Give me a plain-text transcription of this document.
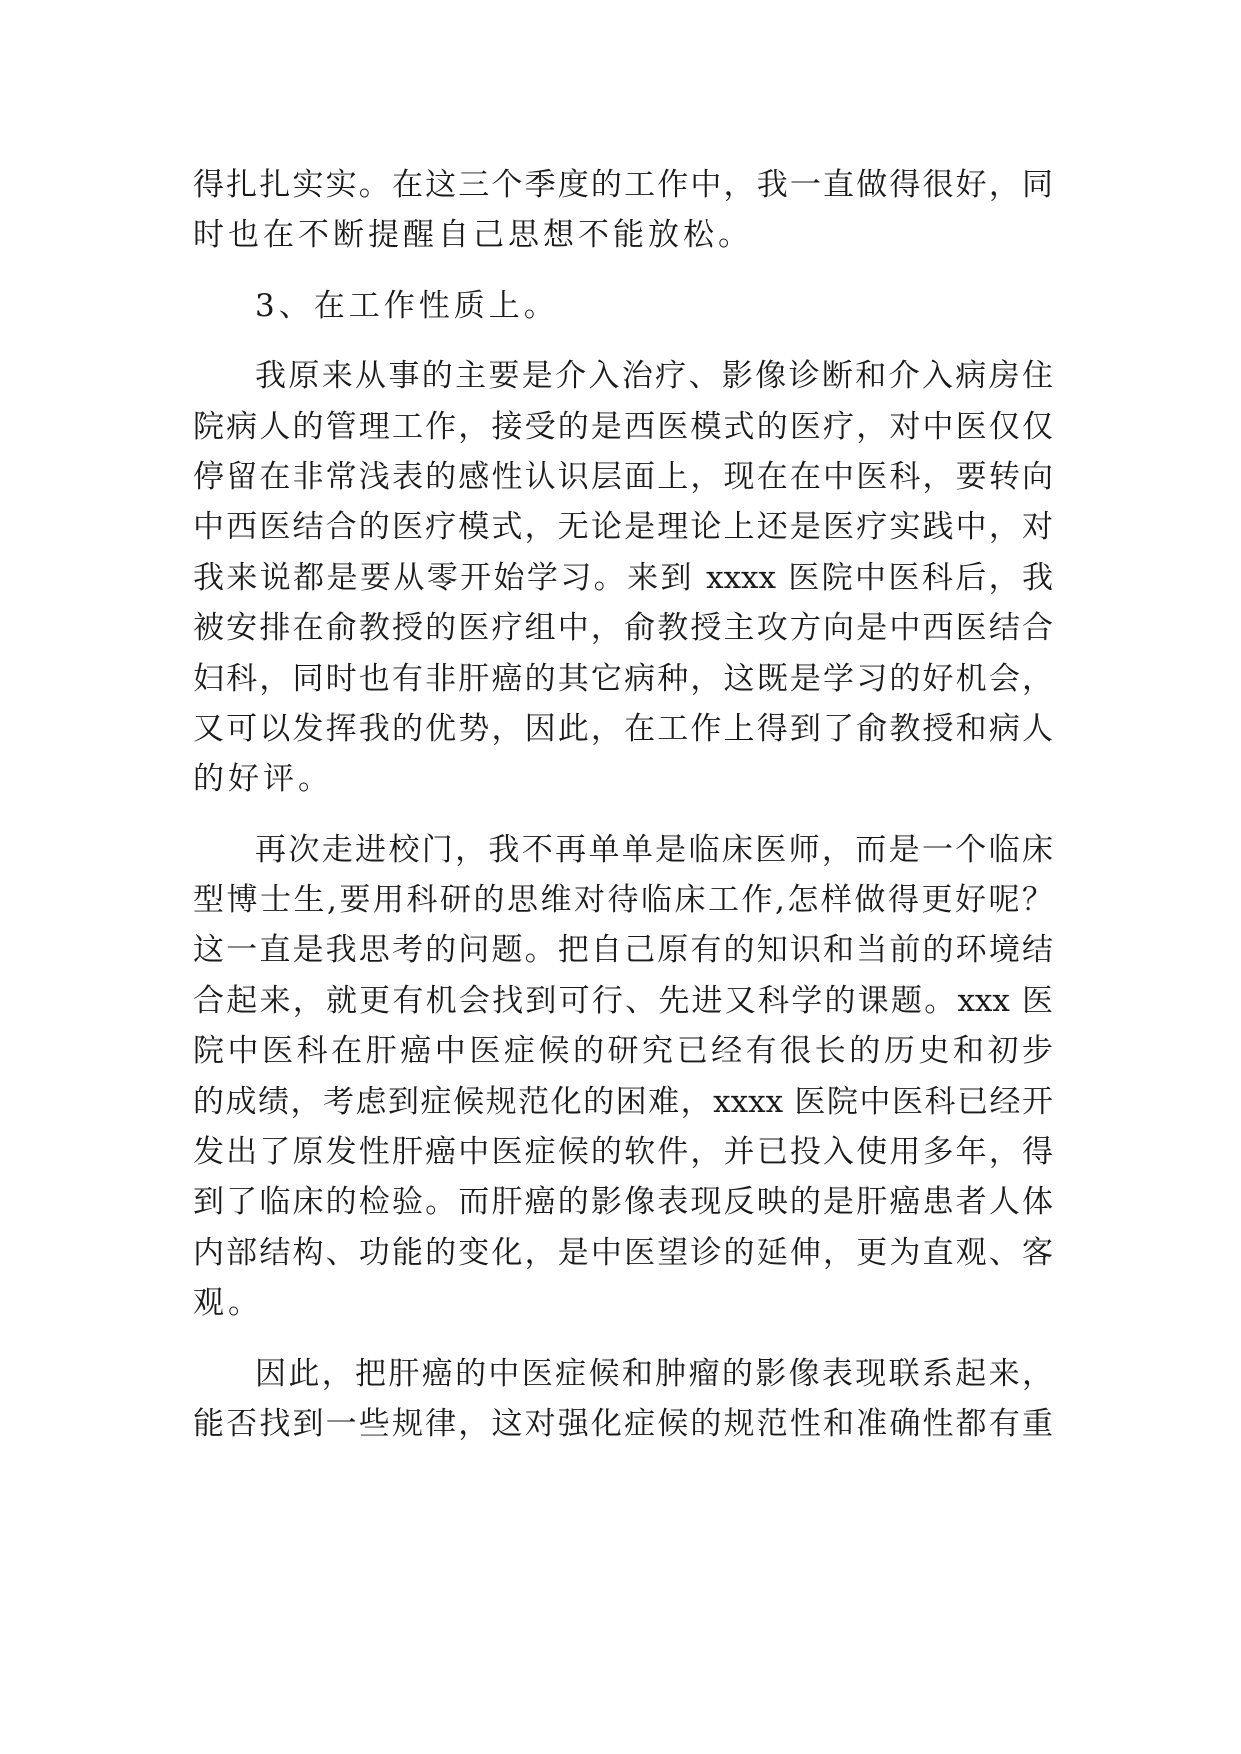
得扎扎实实。在这三个季度的工作中，我一直做得很好，同
时也在不断提醒自己思想不能放松。
3、在工作性质上。
我原来从事的主要是介入治疗、影像诊断和介入病房住
院病人的管理工作，接受的是西医模式的医疗，对中医仅仅
停留在非常浅表的感性认识层面上，现在在中医科，要转向
中西医结合的医疗模式，无论是理论上还是医疗实践中，对
我来说都是要从零开始学习。来到 xxxx 医院中医科后，我
被安排在俞教授的医疗组中，俞教授主攻方向是中西医结合
妇科，同时也有非肝癌的其它病种，这既是学习的好机会，
又可以发挥我的优势，因此，在工作上得到了俞教授和病人
的好评。
再次走进校门，我不再单单是临床医师，而是一个临床
型博士生,要用科研的思维对待临床工作,怎样做得更好呢？
这一直是我思考的问题。把自己原有的知识和当前的环境结
合起来，就更有机会找到可行、先进又科学的课题。xxx 医
院中医科在肝癌中医症候的研究已经有很长的历史和初步
的成绩，考虑到症候规范化的困难，xxxx 医院中医科已经开
发出了原发性肝癌中医症候的软件，并已投入使用多年，得
到了临床的检验。而肝癌的影像表现反映的是肝癌患者人体
内部结构、功能的变化，是中医望诊的延伸，更为直观、客
观。
因此，把肝癌的中医症候和肿瘤的影像表现联系起来，
能否找到一些规律，这对强化症候的规范性和准确性都有重
